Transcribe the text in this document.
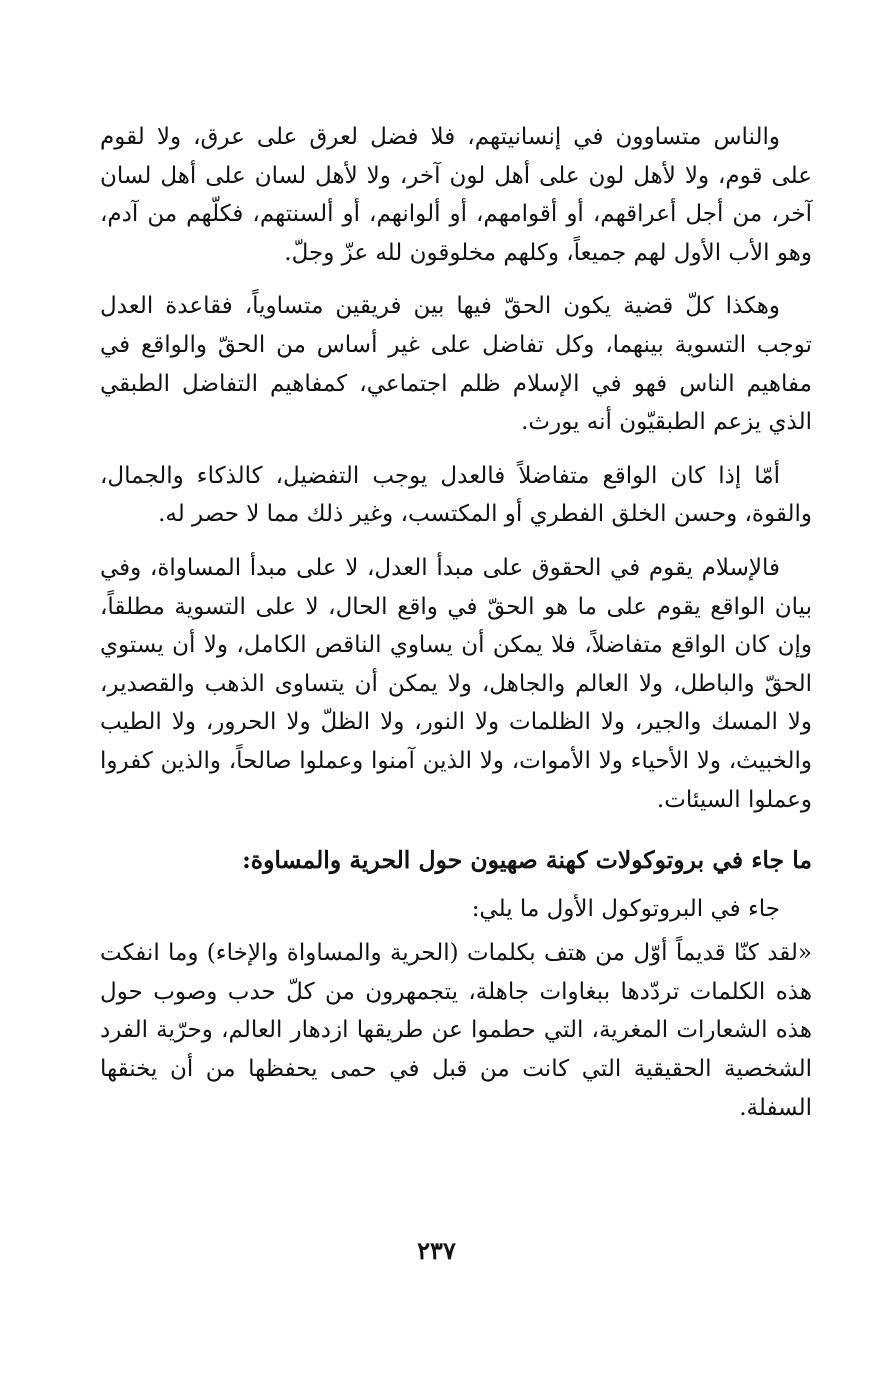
والناس متساوون في إنسانيتهم، فلا فضل لعرق على عرق، ولا لقوم على قوم، ولا لأهل لون على أهل لون آخر، ولا لأهل لسان على أهل لسان آخر، من أجل أعراقهم، أو أقوامهم، أو ألوانهم، أو ألسنتهم، فكلّهم من آدم، وهو الأب الأول لهم جميعاً، وكلهم مخلوقون لله عزّ وجلّ.

وهكذا كلّ قضية يكون الحقّ فيها بين فريقين متساوياً، فقاعدة العدل توجب التسوية بينهما، وكل تفاضل على غير أساس من الحقّ والواقع في مفاهيم الناس فهو في الإسلام ظلم اجتماعي، كمفاهيم التفاضل الطبقي الذي يزعم الطبقيّون أنه يورث.

أمّا إذا كان الواقع متفاضلاً فالعدل يوجب التفضيل، كالذكاء والجمال، والقوة، وحسن الخلق الفطري أو المكتسب، وغير ذلك مما لا حصر له.

فالإسلام يقوم في الحقوق على مبدأ العدل، لا على مبدأ المساواة، وفي بيان الواقع يقوم على ما هو الحقّ في واقع الحال، لا على التسوية مطلقاً، وإن كان الواقع متفاضلاً، فلا يمكن أن يساوي الناقص الكامل، ولا أن يستوي الحقّ والباطل، ولا العالم والجاهل، ولا يمكن أن يتساوى الذهب والقصدير، ولا المسك والجير، ولا الظلمات ولا النور، ولا الظلّ ولا الحرور، ولا الطيب والخبيث، ولا الأحياء ولا الأموات، ولا الذين آمنوا وعملوا صالحاً، والذين كفروا وعملوا السيئات.

ما جاء في بروتوكولات كهنة صهيون حول الحرية والمساوة:

جاء في البروتوكول الأول ما يلي:

«لقد كنّا قديماً أوّل من هتف بكلمات (الحرية والمساواة والإخاء) وما انفكت هذه الكلمات تردّدها ببغاوات جاهلة، يتجمهرون من كلّ حدب وصوب حول هذه الشعارات المغرية، التي حطموا عن طريقها ازدهار العالم، وحرّية الفرد الشخصية الحقيقية التي كانت من قبل في حمى يحفظها من أن يخنقها السفلة.

٢٣٧
